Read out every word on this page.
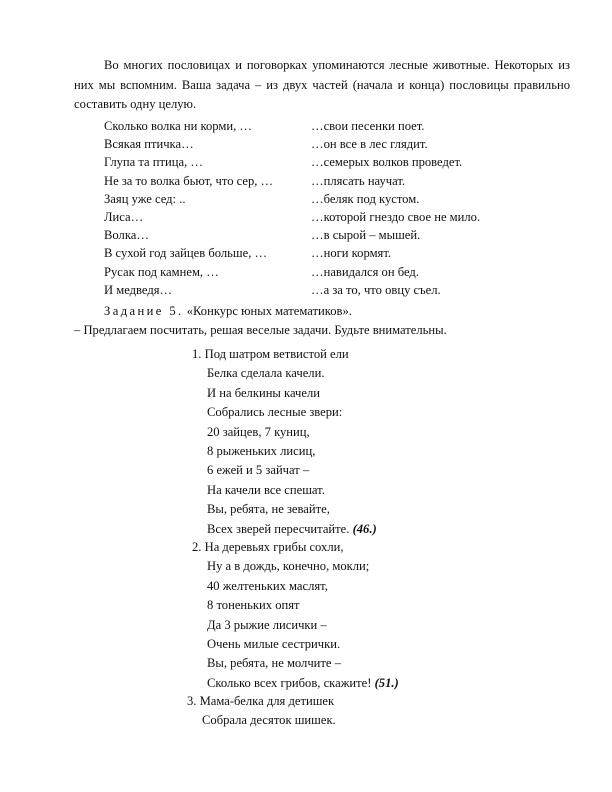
Во многих пословицах и поговорках упоминаются лесные животные. Некоторых из них мы вспомним. Ваша задача – из двух частей (начала и конца) пословицы правильно составить одну целую.

Сколько волка ни корми, …	…свои песенки поет.
Всякая птичка…	…он все в лес глядит.
Глупа та птица, …	…семерых волков проведет.
Не за то волка бьют, что сер, …	…плясать научат.
Заяц уже сед: ..	…беляк под кустом.
Лиса…	…которой гнездо свое не мило.
Волка…	…в сырой – мышей.
В сухой год зайцев больше, …	…ноги кормят.
Русак под камнем, …	…навидался он бед.
И медведя…	…а за то, что овцу съел.
Задание 5. «Конкурс юных математиков».
– Предлагаем посчитать, решая веселые задачи. Будьте внимательны.
1. Под шатром ветвистой ели
Белка сделала качели.
И на белкины качели
Собрались лесные звери:
20 зайцев, 7 куниц,
8 рыженьких лисиц,
6 ежей и 5 зайчат –
На качели все спешат.
Вы, ребята, не зевайте,
Всех зверей пересчитайте. (46.)
2. На деревьях грибы сохли,
Ну а в дождь, конечно, мокли;
40 желтеньких маслят,
8 тоненьких опят
Да 3 рыжие лисички –
Очень милые сестрички.
Вы, ребята, не молчите –
Сколько всех грибов, скажите! (51.)
3. Мама-белка для детишек
Собрала десяток шишек.
